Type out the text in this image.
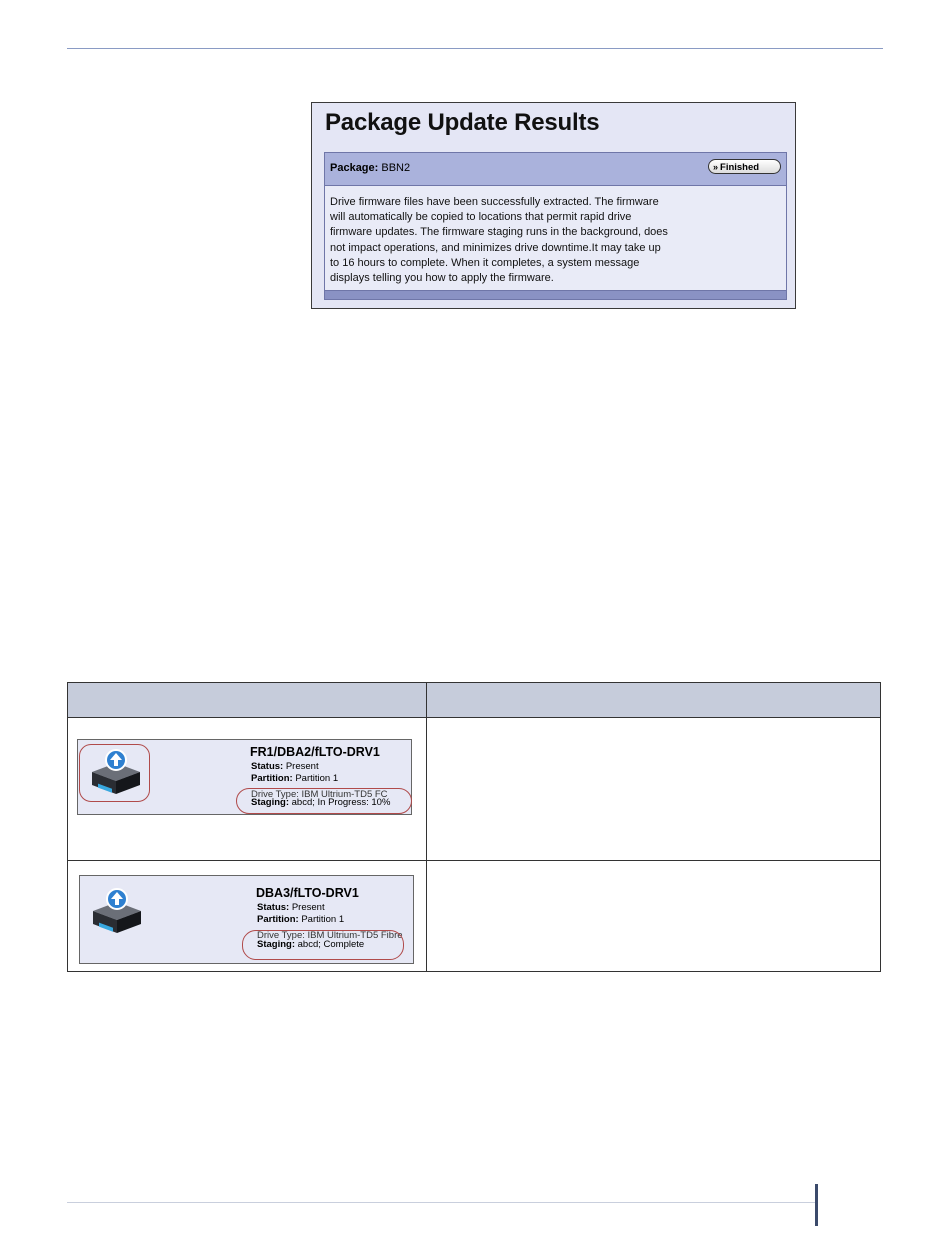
Package Update Results
Package: BBN2	» Finished
Drive firmware files have been successfully extracted. The firmware
will automatically be copied to locations that permit rapid drive
firmware updates. The firmware staging runs in the background, does
not impact operations, and minimizes drive downtime.It may take up
to 16 hours to complete. When it completes, a system message
displays telling you how to apply the firmware.

FR1/DBA2/fLTO-DRV1
Status: Present
Partition: Partition 1
Drive Type: IBM Ultrium-TD5 FC
Staging: abcd; In Progress: 10%	

DBA3/fLTO-DRV1
Status: Present
Partition: Partition 1
Drive Type: IBM Ultrium-TD5 Fibre
Staging: abcd; Complete	
